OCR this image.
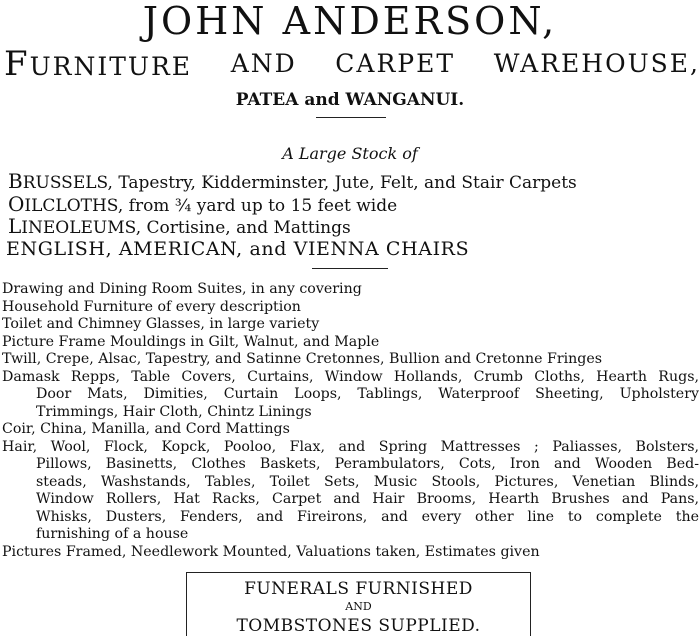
JOHN ANDERSON,
FURNITURE AND CARPET WAREHOUSE,
PATEA and WANGANUI.
A Large Stock of
BRUSSELS, Tapestry, Kidderminster, Jute, Felt, and Stair Carpets
OILCLOTHS, from ¾ yard up to 15 feet wide
LINEOLEUMS, Cortisine, and Mattings
ENGLISH, AMERICAN, and VIENNA CHAIRS
Drawing and Dining Room Suites, in any covering
Household Furniture of every description
Toilet and Chimney Glasses, in large variety
Picture Frame Mouldings in Gilt, Walnut, and Maple
Twill, Crepe, Alsac, Tapestry, and Satinne Cretonnes, Bullion and Cretonne Fringes
Damask Repps, Table Covers, Curtains, Window Hollands, Crumb Cloths, Hearth Rugs,
Door Mats, Dimities, Curtain Loops, Tablings, Waterproof Sheeting, Upholstery
Trimmings, Hair Cloth, Chintz Linings
Coir, China, Manilla, and Cord Mattings
Hair, Wool, Flock, Kopck, Pooloo, Flax, and Spring Mattresses ; Paliasses, Bolsters,
Pillows, Basinetts, Clothes Baskets, Perambulators, Cots, Iron and Wooden Bed-
steads, Washstands, Tables, Toilet Sets, Music Stools, Pictures, Venetian Blinds,
Window Rollers, Hat Racks, Carpet and Hair Brooms, Hearth Brushes and Pans,
Whisks, Dusters, Fenders, and Fireirons, and every other line to complete the
furnishing of a house
Pictures Framed, Needlework Mounted, Valuations taken, Estimates given
FUNERALS FURNISHED
AND
TOMBSTONES SUPPLIED.
